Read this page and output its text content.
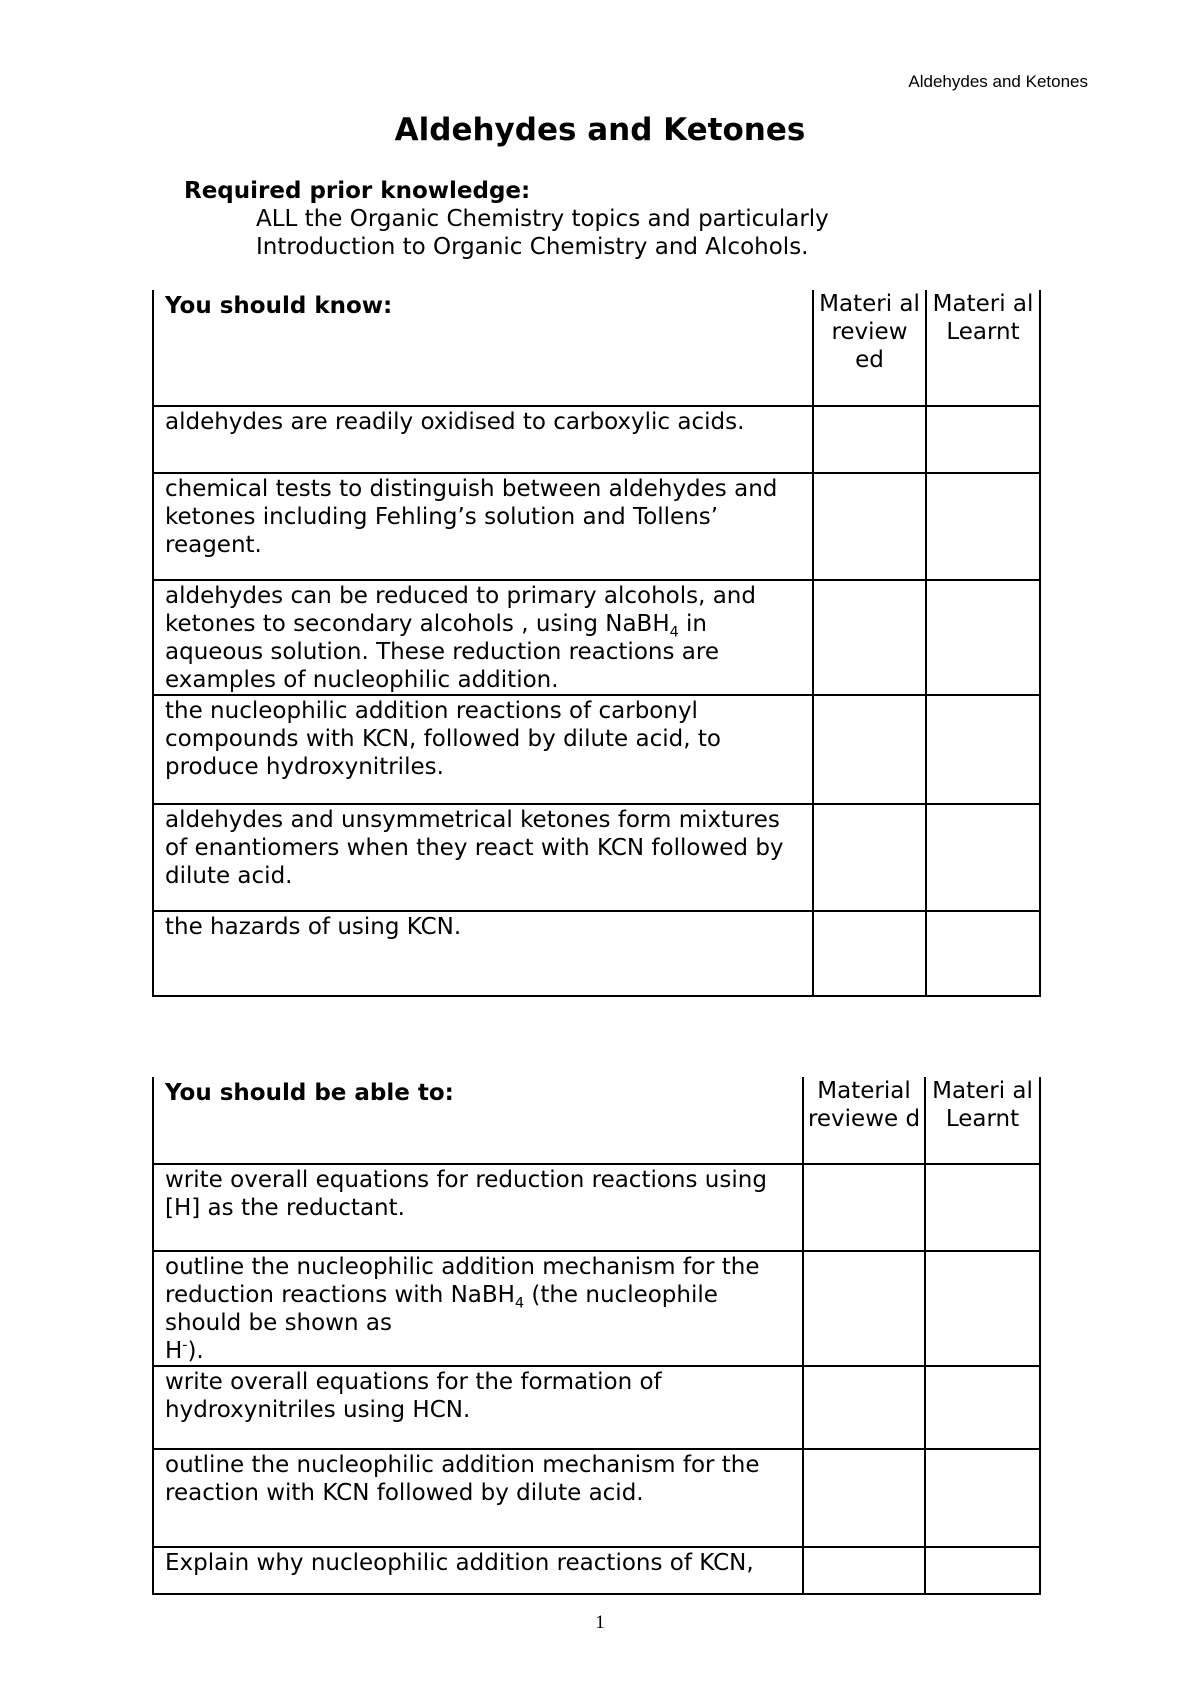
Aldehydes and Ketones
Aldehydes and Ketones
Required prior knowledge:
ALL the Organic Chemistry topics and particularly
Introduction to Organic Chemistry and Alcohols.
You should know:	Materi al review ed	Materi al Learnt
aldehydes are readily oxidised to carboxylic acids.		
chemical tests to distinguish between aldehydes and ketones including Fehling’s solution and Tollens’ reagent.		
aldehydes can be reduced to primary alcohols, and ketones to secondary alcohols , using NaBH$_4$ in aqueous solution. These reduction reactions are examples of nucleophilic addition.		
the nucleophilic addition reactions of carbonyl compounds with KCN, followed by dilute acid, to produce hydroxynitriles.		
aldehydes and unsymmetrical ketones form mixtures of enantiomers when they react with KCN followed by dilute acid.		
the hazards of using KCN.		
You should be able to:	Material reviewe d	Materi al Learnt
write overall equations for reduction reactions using [H] as the reductant.		
outline the nucleophilic addition mechanism for the reduction reactions with NaBH$_4$ (the nucleophile should be shown as
H-).		
write overall equations for the formation of hydroxynitriles using HCN.		
outline the nucleophilic addition mechanism for the reaction with KCN followed by dilute acid.		
Explain why nucleophilic addition reactions of KCN,		
1
